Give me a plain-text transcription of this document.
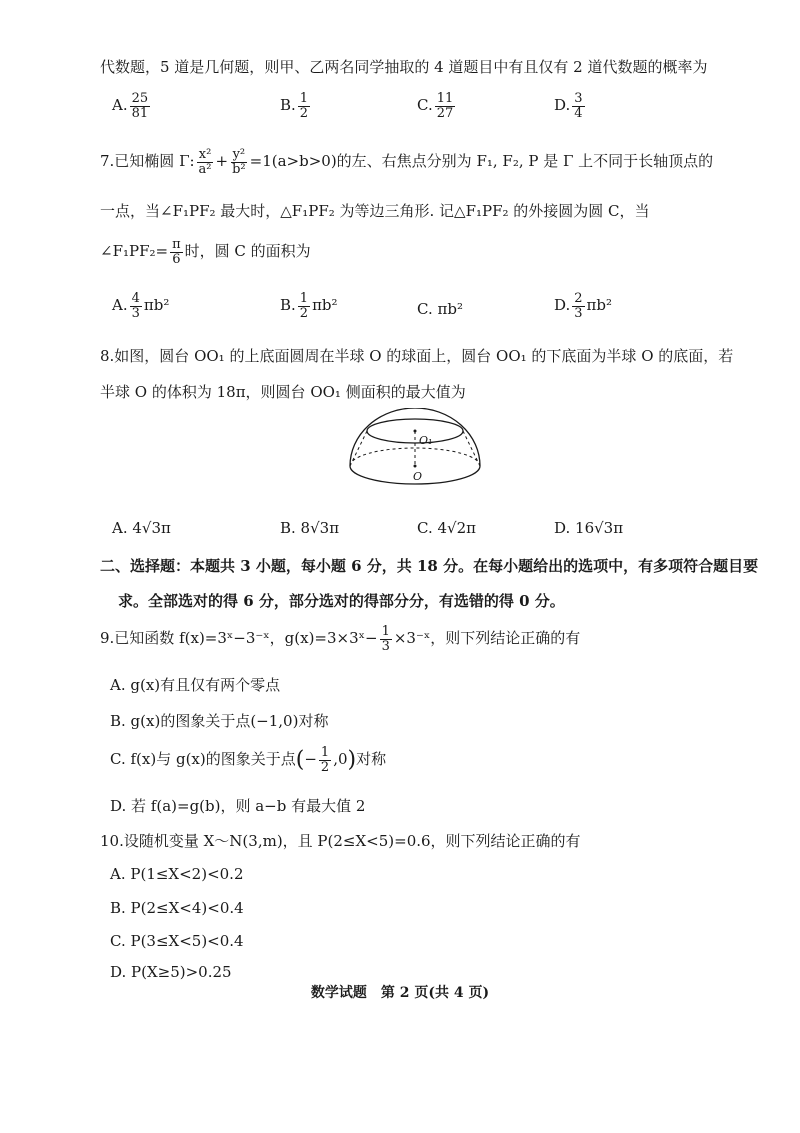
代数题，5 道是几何题，则甲、乙两名同学抽取的 4 道题目中有且仅有 2 道代数题的概率为
A. $\frac{25}{81}$	B. $\frac{1}{2}$	C. $\frac{11}{27}$	D. $\frac{3}{4}$
7.已知椭圆 Γ: $\frac{\text{x²}}{\text{a²}} + \frac{\text{y²}}{\text{b²}} =1(a>b>0)$的左、右焦点分别为 F₁, F₂, P 是 Γ 上不同于长轴顶点的
一点，当∠F₁PF₂ 最大时，△F₁PF₂ 为等边三角形. 记△F₁PF₂ 的外接圆为圆 C，当
∠F₁PF₂= $\frac{\pi}{6}$ 时，圆 C 的面积为
A. $\frac{4}{3} \pi b^2$	B. $\frac{1}{2} \pi b^2$	C. πb²	D. $\frac{2}{3} \pi b^2$
8.如图，圆台 OO₁ 的上底面圆周在半球 O 的球面上，圆台 OO₁ 的下底面为半球 O 的底面，若
半球 O 的体积为 18π，则圆台 OO₁ 侧面积的最大值为
O₁
O
A. 4√3π	B. 8√3π	C. 4√2π	D. 16√3π
二、选择题：本题共 3 小题，每小题 6 分，共 18 分。在每小题给出的选项中，有多项符合题目要
求。全部选对的得 6 分，部分选对的得部分分，有选错的得 0 分。
9.已知函数 f(x)=3ˣ−3⁻ˣ，g(x)=3×3ˣ− $\frac{1}{3}$ ×3⁻ˣ，则下列结论正确的有
A. g(x)有且仅有两个零点
B. g(x)的图象关于点(−1,0)对称
C. f(x)与 g(x)的图象关于点(− $\frac{1}{2} ,0$)对称
D. 若 f(a)=g(b)，则 a−b 有最大值 2
10.设随机变量 X～N(3,m)，且 P(2≤X<5)=0.6，则下列结论正确的有
A. P(1≤X<2)<0.2
B. P(2≤X<4)<0.4
C. P(3≤X<5)<0.4
D. P(X≥5)>0.25
数学试题　第 2 页(共 4 页)
